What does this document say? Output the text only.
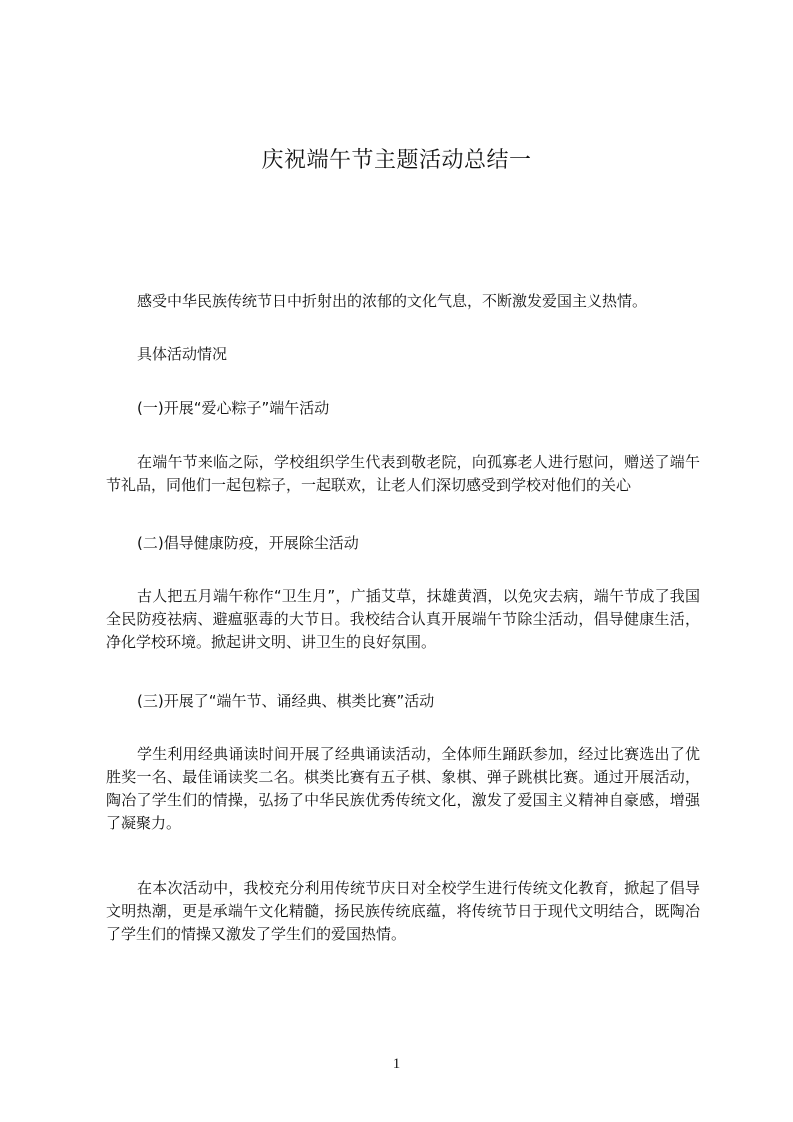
庆祝端午节主题活动总结一

感受中华民族传统节日中折射出的浓郁的文化气息，不断激发爱国主义热情。

具体活动情况

(一)开展“爱心粽子”端午活动

在端午节来临之际，学校组织学生代表到敬老院，向孤寡老人进行慰问，赠送了端午节礼品，同他们一起包粽子，一起联欢，让老人们深切感受到学校对他们的关心

(二)倡导健康防疫，开展除尘活动

古人把五月端午称作“卫生月”，广插艾草，抹雄黄酒，以免灾去病，端午节成了我国全民防疫祛病、避瘟驱毒的大节日。我校结合认真开展端午节除尘活动，倡导健康生活，净化学校环境。掀起讲文明、讲卫生的良好氛围。

(三)开展了“端午节、诵经典、棋类比赛”活动

学生利用经典诵读时间开展了经典诵读活动，全体师生踊跃参加，经过比赛选出了优胜奖一名、最佳诵读奖二名。棋类比赛有五子棋、象棋、弹子跳棋比赛。通过开展活动，陶冶了学生们的情操，弘扬了中华民族优秀传统文化，激发了爱国主义精神自豪感，增强了凝聚力。

在本次活动中，我校充分利用传统节庆日对全校学生进行传统文化教育，掀起了倡导文明热潮，更是承端午文化精髓，扬民族传统底蕴，将传统节日于现代文明结合，既陶冶了学生们的情操又激发了学生们的爱国热情。

1
